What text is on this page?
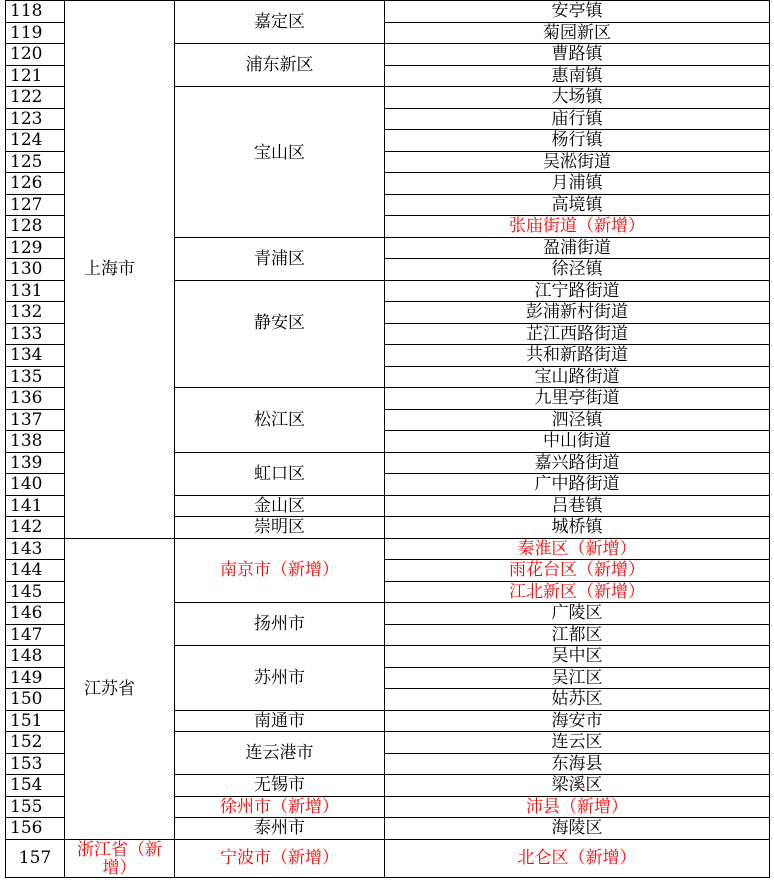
118	上海市	嘉定区	安亭镇
119			菊园新区
120		浦东新区	曹路镇
121			惠南镇
122		宝山区	大场镇
123			庙行镇
124			杨行镇
125			吴淞街道
126			月浦镇
127			高境镇
128			张庙街道（新增）
129		青浦区	盈浦街道
130			徐泾镇
131		静安区	江宁路街道
132			彭浦新村街道
133			芷江西路街道
134			共和新路街道
135			宝山路街道
136		松江区	九里亭街道
137			泗泾镇
138			中山街道
139		虹口区	嘉兴路街道
140			广中路街道
141		金山区	吕巷镇
142		崇明区	城桥镇
143	江苏省	南京市（新增）	秦淮区（新增）
144			雨花台区（新增）
145			江北新区（新增）
146		扬州市	广陵区
147			江都区
148		苏州市	吴中区
149			吴江区
150			姑苏区
151		南通市	海安市
152		连云港市	连云区
153			东海县
154		无锡市	梁溪区
155		徐州市（新增）	沛县（新增）
156		泰州市	海陵区
157	浙江省（新增）	宁波市（新增）	北仑区（新增）
